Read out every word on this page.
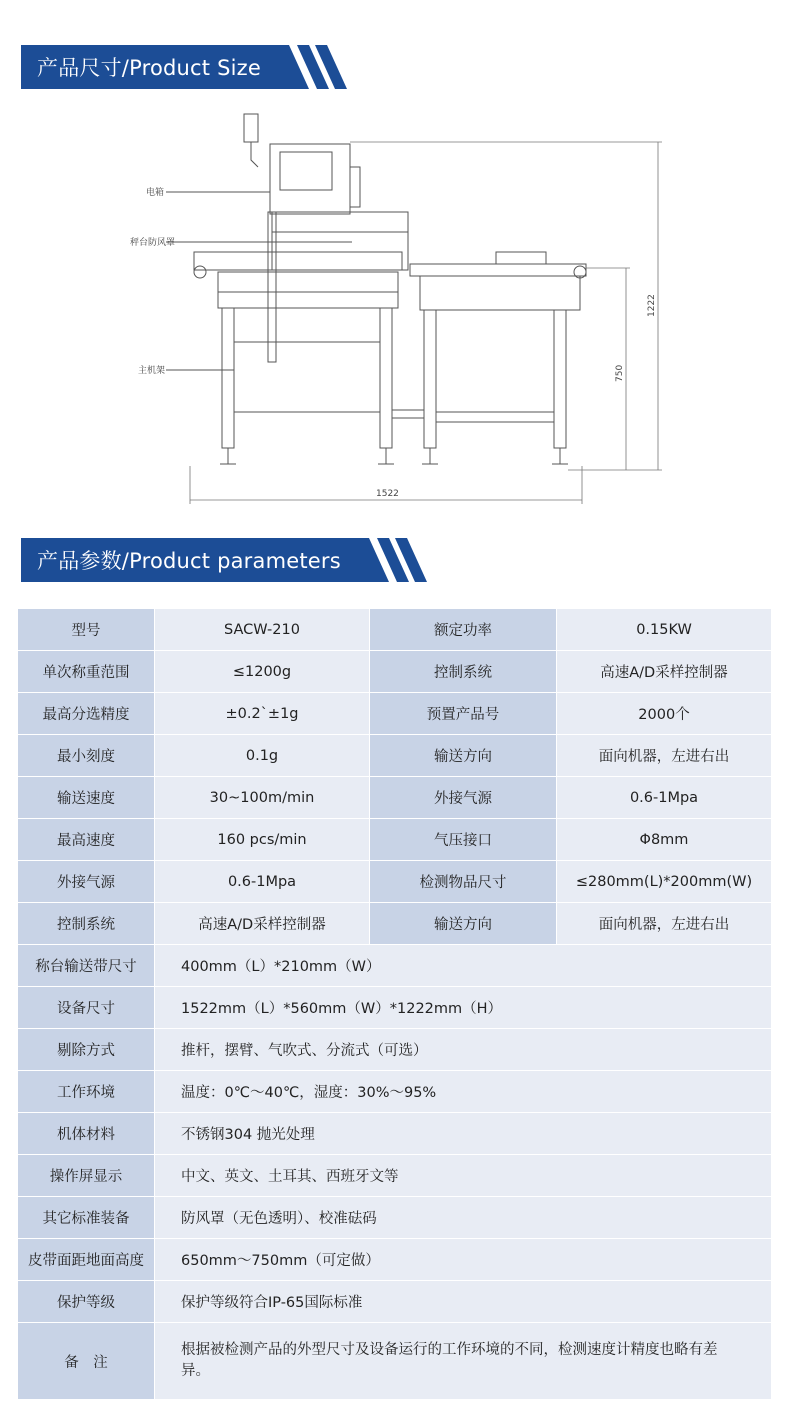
产品尺寸/Product Size
电箱
秤台防风罩
主机架
1522
1222
750
产品参数/Product parameters
型号	SACW-210	额定功率	0.15KW
单次称重范围	≤1200g	控制系统	高速A/D采样控制器
最高分选精度	±0.2`±1g	预置产品号	2000个
最小刻度	0.1g	输送方向	面向机器，左进右出
输送速度	30~100m/min	外接气源	0.6-1Mpa
最高速度	160 pcs/min	气压接口	Φ8mm
外接气源	0.6-1Mpa	检测物品尺寸	≤280mm(L)*200mm(W)
控制系统	高速A/D采样控制器	输送方向	面向机器，左进右出
称台输送带尺寸	400mm（L）*210mm（W）		
设备尺寸	1522mm（L）*560mm（W）*1222mm（H）		
剔除方式	推杆，摆臂、气吹式、分流式（可选）		
工作环境	温度：0℃～40℃，湿度：30%～95%		
机体材料	不锈钢304 抛光处理		
操作屏显示	中文、英文、土耳其、西班牙文等		
其它标准装备	防风罩（无色透明）、校准砝码		
皮带面距地面高度	650mm～750mm（可定做）		
保护等级	保护等级符合IP-65国际标准		
备　注	根据被检测产品的外型尺寸及设备运行的工作环境的不同，检测速度计精度也略有差异。		
